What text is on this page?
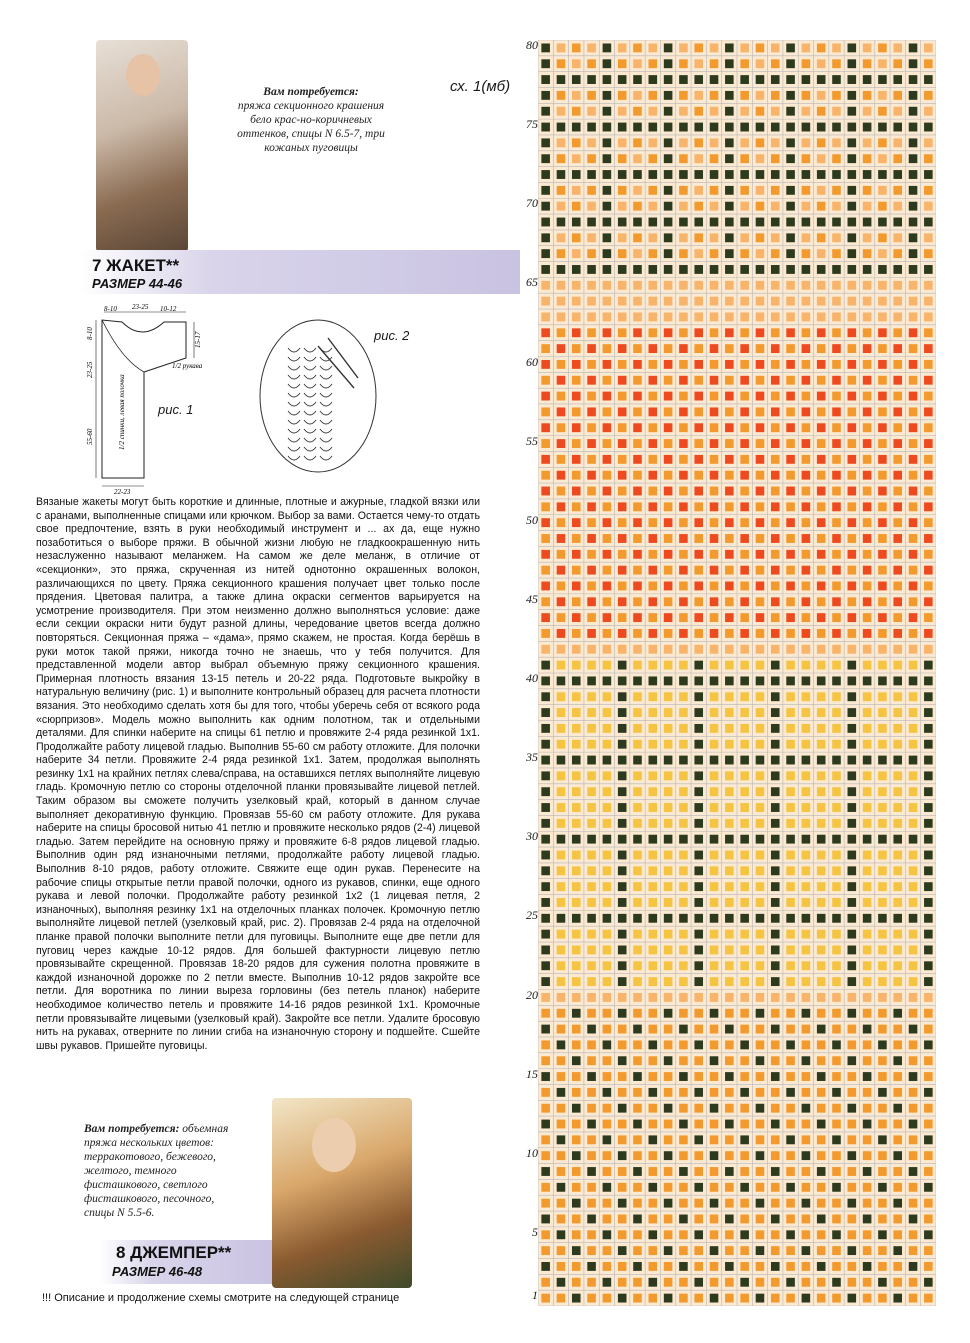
Вам потребуется:
пряжа секционного крашения бело крас-но-коричневых оттенков, спицы N 6.5-7, три кожаных пуговицы
сх. 1(мб)
7 ЖАКЕТ**
РАЗМЕР 44-46
8-10 23-25 10-12
8-10
23-25
15-17
1/2 рукава
55-60	1/2 спинки, левая полочка
22-23
рис. 1
рис. 2
Вязаные жакеты могут быть короткие и длинные, плотные и ажурные, гладкой вязки или с аранами, выполненные спицами или крючком. Выбор за вами. Остается чему-то отдать свое предпочтение, взять в руки необходимый инструмент и ... ах да, еще нужно позаботиться о выборе пряжи. В обычной жизни любую не гладкоокрашенную нить незаслуженно называют меланжем. На самом же деле меланж, в отличие от «секционки», это пряжа, скрученная из нитей однотонно окрашенных волокон, различающихся по цвету. Пряжа секционного крашения получает цвет только после прядения. Цветовая палитра, а также длина окраски сегментов варьируется на усмотрение производителя. При этом неизменно должно выполняться условие: даже если секции окраски нити будут разной длины, чередование цветов всегда должно повторяться. Секционная пряжа – «дама», прямо скажем, не простая. Когда берёшь в руки моток такой пряжи, никогда точно не знаешь, что у тебя получится. Для представленной модели автор выбрал объемную пряжу секционного крашения. Примерная плотность вязания 13-15 петель и 20-22 ряда. Подготовьте выкройку в натуральную величину (рис. 1) и выполните контрольный образец для расчета плотности вязания. Это необходимо сделать хотя бы для того, чтобы уберечь себя от всякого рода «сюрпризов». Модель можно выполнить как одним полотном, так и отдельными деталями. Для спинки наберите на спицы 61 петлю и провяжите 2-4 ряда резинкой 1х1. Продолжайте работу лицевой гладью. Выполнив 55-60 см работу отложите. Для полочки наберите 34 петли. Провяжите 2-4 ряда резинкой 1х1. Затем, продолжая выполнять резинку 1х1 на крайних петлях слева/справа, на оставшихся петлях выполняйте лицевую гладь. Кромочную петлю со стороны отделочной планки провязывайте лицевой петлей. Таким образом вы сможете получить узелковый край, который в данном случае выполняет декоративную функцию. Провязав 55-60 см работу отложите. Для рукава наберите на спицы бросовой нитью 41 петлю и провяжите несколько рядов (2-4) лицевой гладью. Затем перейдите на основную пряжу и провяжите 6-8 рядов лицевой гладью. Выполнив один ряд изнаночными петлями, продолжайте работу лицевой гладью. Выполнив 8-10 рядов, работу отложите. Свяжите еще один рукав. Перенесите на рабочие спицы открытые петли правой полочки, одного из рукавов, спинки, еще одного рукава и левой полочки. Продолжайте работу резинкой 1х2 (1 лицевая петля, 2 изнаночных), выполняя резинку 1х1 на отделочных планках полочек. Кромочную петлю выполняйте лицевой петлей (узелковый край, рис. 2). Провязав 2-4 ряда на отделочной планке правой полочки выполните петли для пуговицы. Выполните еще две петли для пуговиц через каждые 10-12 рядов. Для большей фактурности лицевую петлю провязывайте скрещенной. Провязав 18-20 рядов для сужения полотна провяжите в каждой изнаночной дорожке по 2 петли вместе. Выполнив 10-12 рядов закройте все петли. Для воротника по линии выреза горловины (без петель планок) наберите необходимое количество петель и провяжите 14-16 рядов резинкой 1х1. Кромочные петли провязывайте лицевыми (узелковый край). Закройте все петли. Удалите бросовую нить на рукавах, отверните по линии сгиба на изнаночную сторону и подшейте. Сшейте швы рукавов. Пришейте пуговицы.
Вам потребуется: объемная пряжа нескольких цветов: терракотового, бежевого, желтого, темного фисташкового, светлого фисташкового, песочного, спицы N 5.5-6.
8 ДЖЕМПЕР**
РАЗМЕР 46-48
!!! Описание и продолжение схемы смотрите на следующей странице
80
75
70
65
60
55
50
45
40
35
30
25
20
15
10
5
1
